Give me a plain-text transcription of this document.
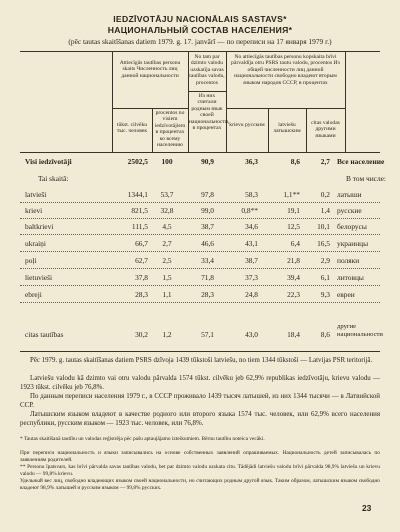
IEDZĪVOTĀJU NACIONĀLAIS SASTAVS*
НАЦИОНАЛЬНЫЙ СОСТАВ НАСЕЛЕНИЯ*
(pēc tautas skaitīšanas datiem 1979. g. 17. janvārī — по переписи на 17 января 1979 г.)
Attiecīgās tautības personu skaits Численность лиц данной национальности
tūkst. cilvēku тыс. человек
procentos no visiem iedzīvotājiem в процентах ко всему населению
No tam par dzimto valodu uzskatīja savas tautības valodu, procentos
Из них считали родным язык своей национальности, в процентах
No attiecīgās tautības personu kopskaita brīvi pārvaldīja otru PSRS tautu valodu, procentos Из общей численности лиц данной национальности свободно владеют вторым языком народов СССР, в процентах
krievu русским	latviešu латышским
citas valodas другими языками
Visi iedzīvotāji	2502,5	100	90,9	36,3	8,6	2,7 Все население
Tai skaitā:	В том числе:
latvieši	1344,1	53,7	97,8	58,3	1,1**	0,2 латыши
krievi	821,5	32,8	99,0	0,8**	19,1	1,4 русские
baltkrievi	111,5	4,5	38,7	34,6	12,5	10,1 белорусы
ukraiņi	66,7	2,7	46,6	43,1	6,4	16,5 украинцы
poļi	62,7	2,5	33,4	38,7	21,8	2,9 поляки
lietuvieši	37,8	1,5	71,8	37,3	39,4	6,1 литовцы
ebreji	28,3	1,1	28,3	24,8	22,3	9,3 евреи
citas tautības	30,2	1,2	57,1	43,0	18,4	8,6
другие национальности
Pēc 1979. g. tautas skaitīšanas datiem PSRS dzīvoja 1439 tūkstoši latviešu, no tiem 1344 tūkstoši — Latvijas PSR teritorijā.
Latviešu valodu kā dzimto vai otru valodu pārvalda 1574 tūkst. cilvēku jeb 62,9% republikas iedzīvotāju, krievu valodu — 1923 tūkst. cilvēku jeb 76,8%.
По данным переписи населения 1979 г., в СССР проживало 1439 тысяч латышей, из них 1344 тысячи — в Латвийской ССР.
Латышским языком владеют в качестве родного или второго языка 1574 тыс. человек, или 62,9% всего населения республики, русским языком — 1923 тыс. человек, или 76,8%.
* Tautas skaitīšanā tautību un valodas reģistrēja pēc pašu aptaujājamo izteikumiem. Bērnu tautību noteica vecāki.
При переписи национальность и языки записывались на основе собственных заявлений опрашиваемых. Национальность детей записывалась по заявлениям родителей.
** Personu īpatsvars, kas brīvi pārvalda savas tautības valodu, bet par dzimto valodu uzskata citu. Tādējādi latviešu valodu brīvi pārvalda 98,9% latviešu un krievu valodu — 99,8% krievu.
Удельный вес лиц, свободно владеющих языком своей национальности, но считающих родным другой язык. Таким образом, латышским языком свободно владеют 98,9% латышей и русским языком — 99,8% русских.
23
